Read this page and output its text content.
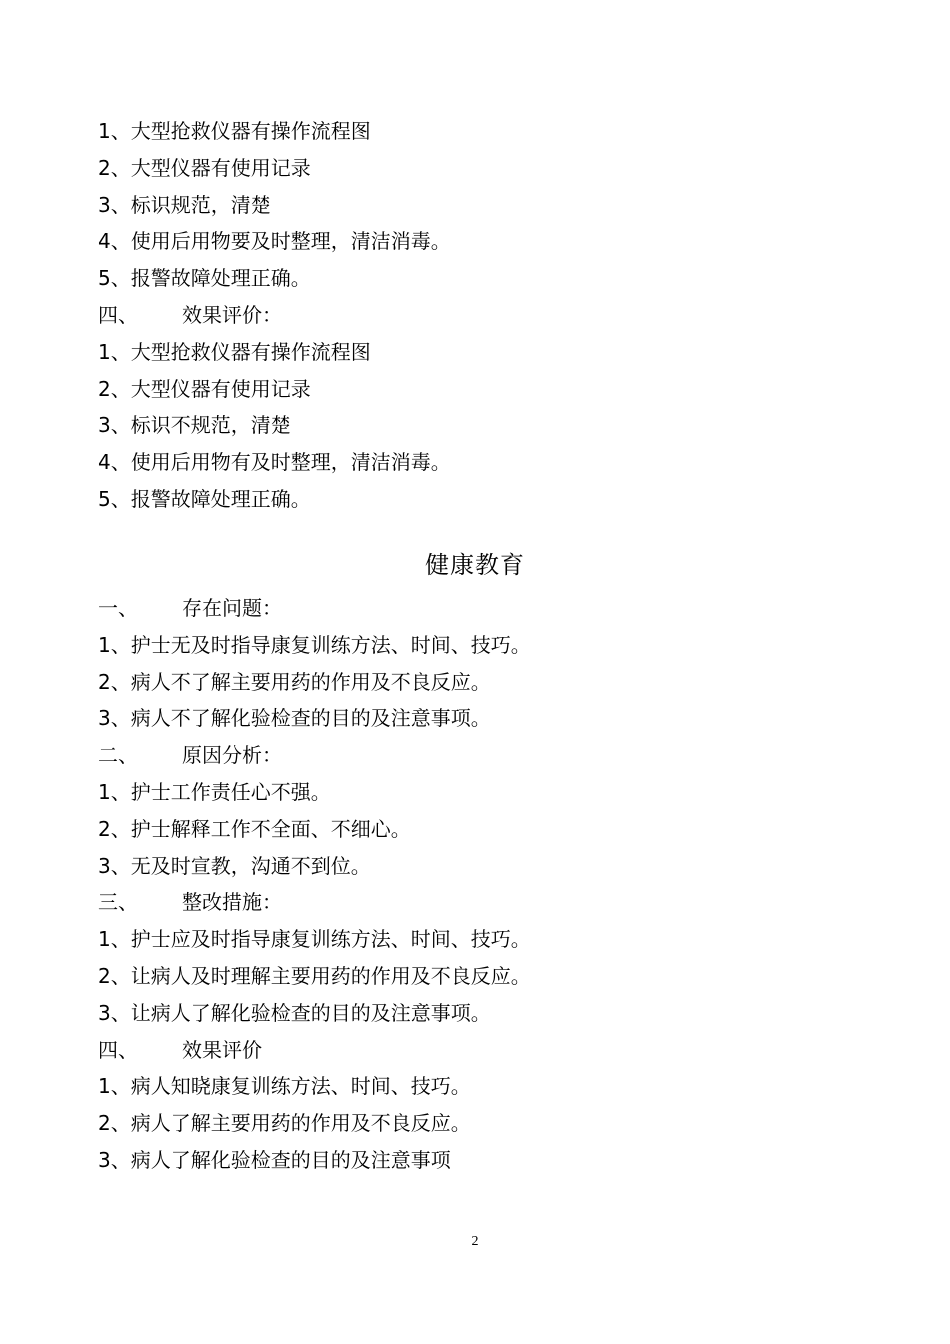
1、大型抢救仪器有操作流程图
2、大型仪器有使用记录
3、标识规范，清楚
4、使用后用物要及时整理，清洁消毒。
5、报警故障处理正确。
四、 效果评价：
1、大型抢救仪器有操作流程图
2、大型仪器有使用记录
3、标识不规范，清楚
4、使用后用物有及时整理，清洁消毒。
5、报警故障处理正确。
健康教育
一、 存在问题：
1、护士无及时指导康复训练方法、时间、技巧。
2、病人不了解主要用药的作用及不良反应。
3、病人不了解化验检查的目的及注意事项。
二、 原因分析：
1、护士工作责任心不强。
2、护士解释工作不全面、不细心。
3、无及时宣教，沟通不到位。
三、 整改措施：
1、护士应及时指导康复训练方法、时间、技巧。
2、让病人及时理解主要用药的作用及不良反应。
3、让病人了解化验检查的目的及注意事项。
四、 效果评价
1、病人知晓康复训练方法、时间、技巧。
2、病人了解主要用药的作用及不良反应。
3、病人了解化验检查的目的及注意事项
2
